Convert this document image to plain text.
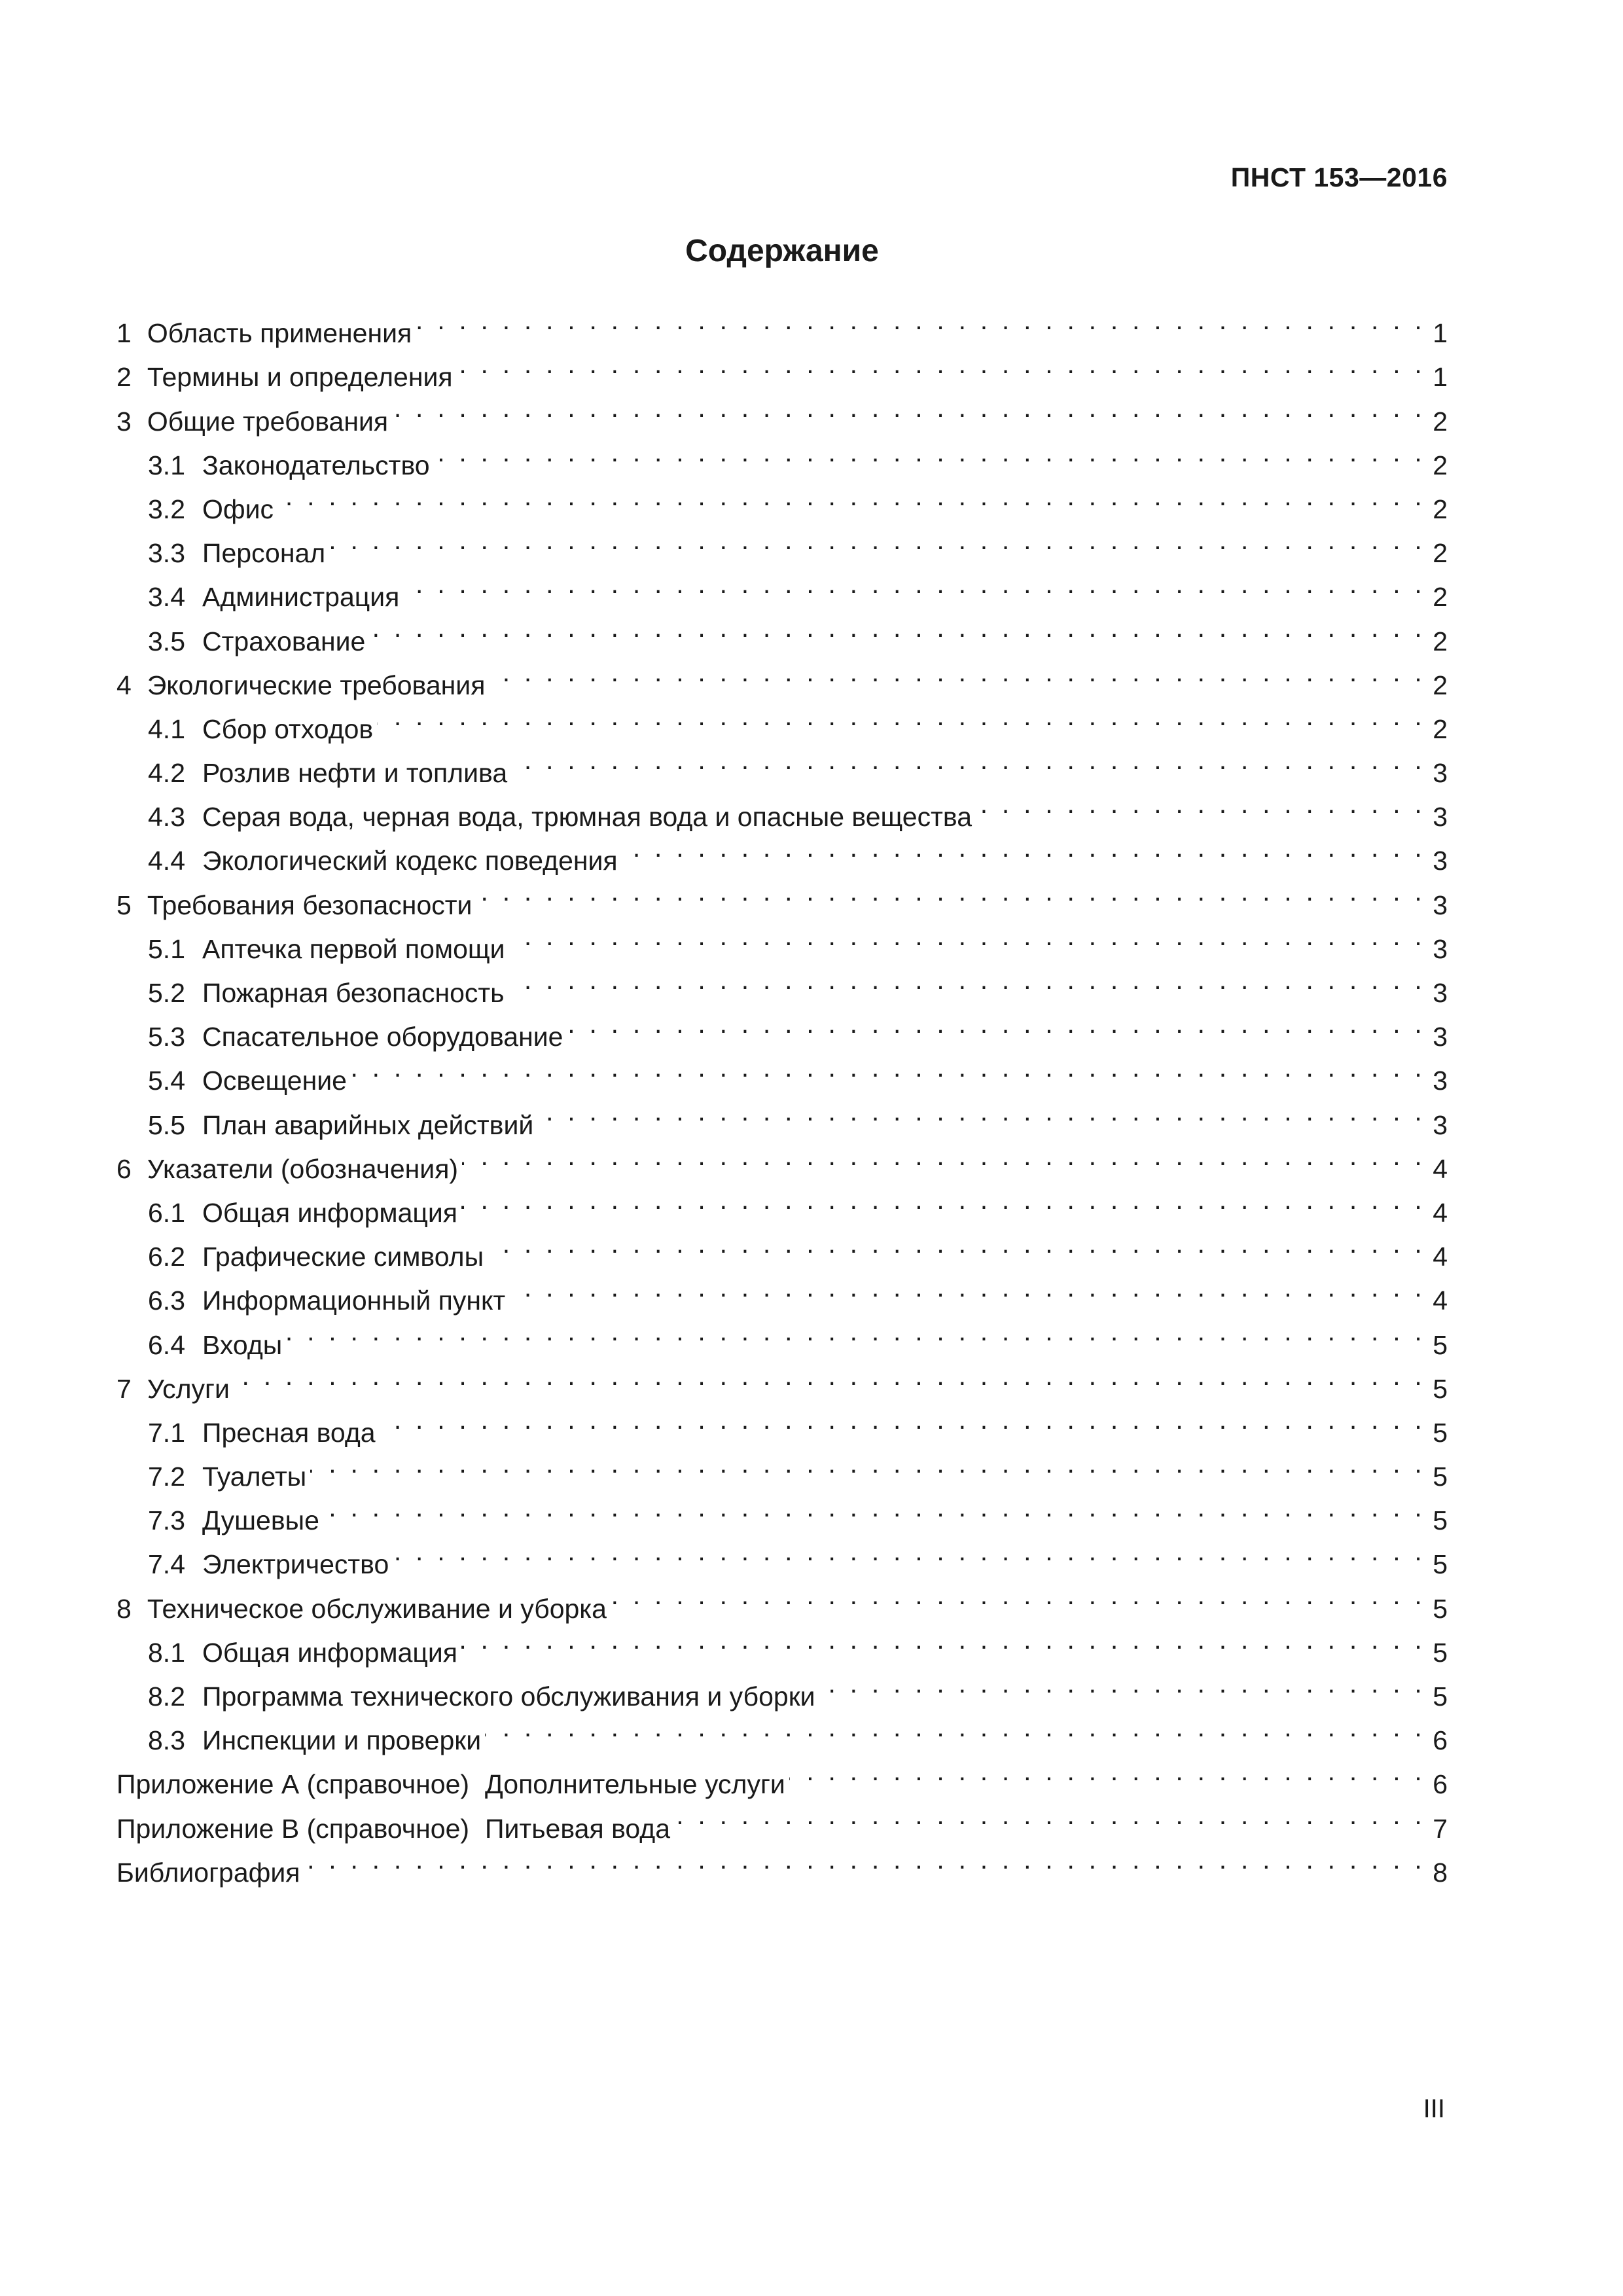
ПНСТ 153—2016
Содержание
1 Область применения . . .	1
2 Термины и определения . . .	1
3 Общие требования . . .	2
3.1 Законодательство . . .	2
3.2 Офис . . .	2
3.3 Персонал . . .	2
3.4 Администрация . . .	2
3.5 Страхование . . .	2
4 Экологические требования . . .	2
4.1 Сбор отходов . . .	2
4.2 Розлив нефти и топлива . . .	3
4.3 Серая вода, черная вода, трюмная вода и опасные вещества . . .	3
4.4 Экологический кодекс поведения . . .	3
5 Требования безопасности . . .	3
5.1 Аптечка первой помощи . . .	3
5.2 Пожарная безопасность . . .	3
5.3 Спасательное оборудование . . .	3
5.4 Освещение . . .	3
5.5 План аварийных действий . . .	3
6 Указатели (обозначения) . . .	4
6.1 Общая информация . . .	4
6.2 Графические символы . . .	4
6.3 Информационный пункт . . .	4
6.4 Входы . . .	5
7 Услуги . . .	5
7.1 Пресная вода . . .	5
7.2 Туалеты . . .	5
7.3 Душевые . . .	5
7.4 Электричество . . .	5
8 Техническое обслуживание и уборка . . .	5
8.1 Общая информация . . .	5
8.2 Программа технического обслуживания и уборки . . .	5
8.3 Инспекции и проверки . . .	6
Приложение А (справочное) Дополнительные услуги . . .	6
Приложение В (справочное) Питьевая вода . . .	7
Библиография . . .	8
III
